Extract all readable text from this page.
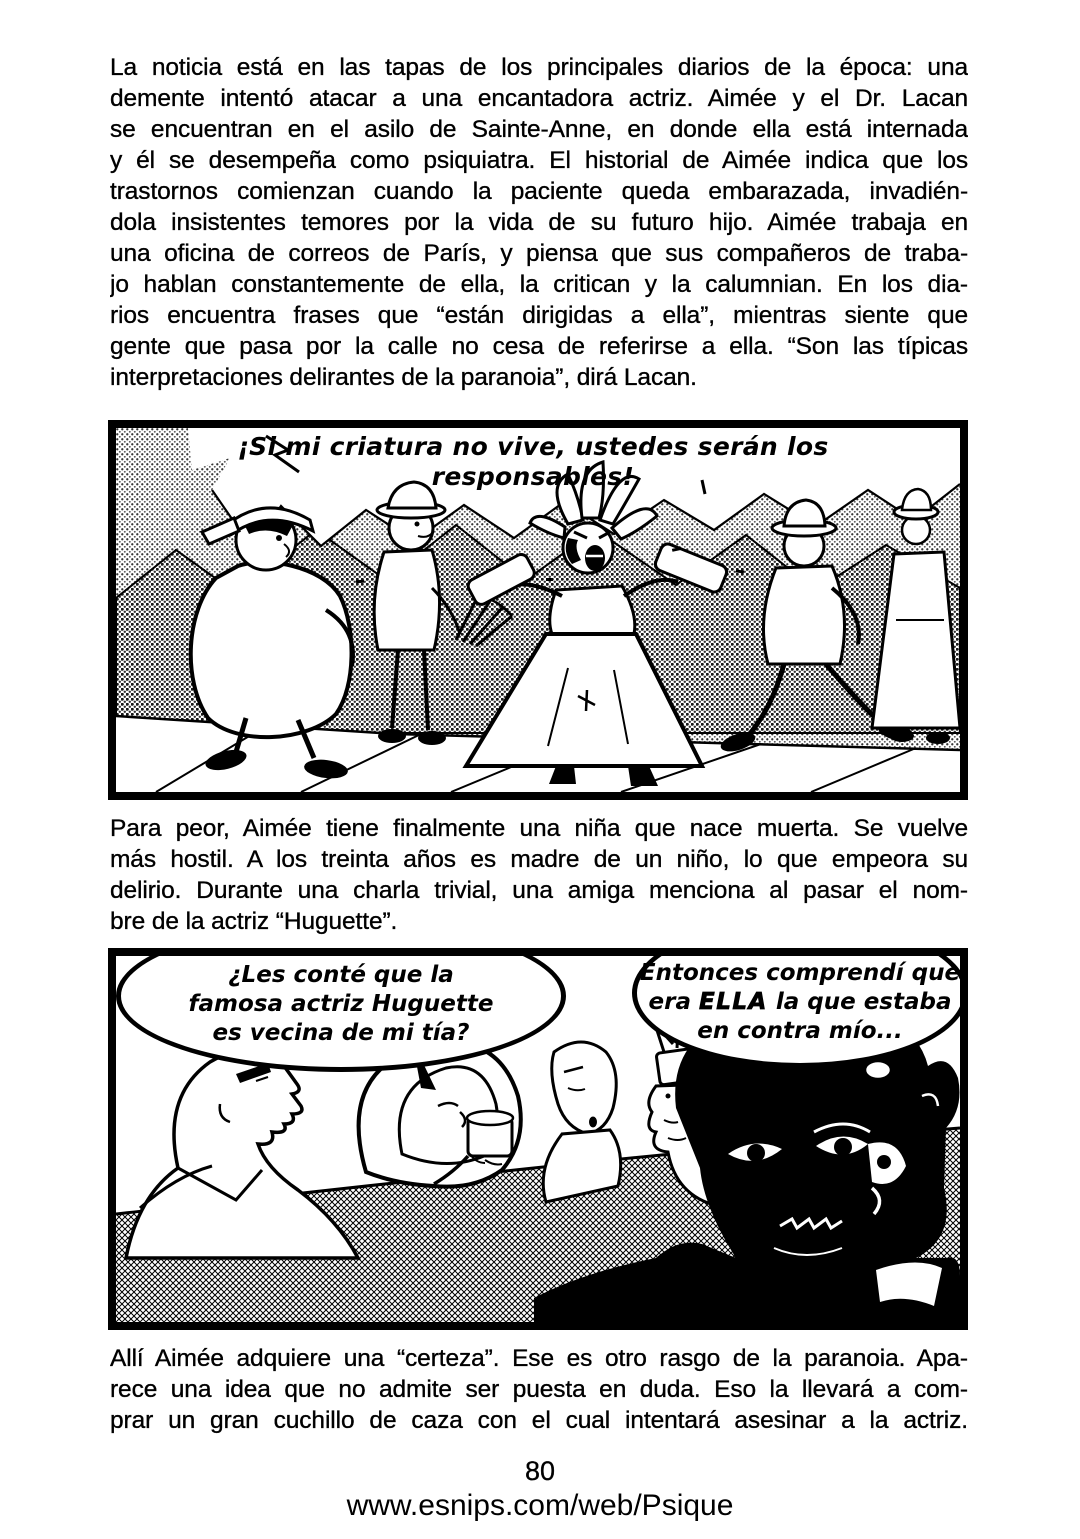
La noticia está en las tapas de los principales diarios de la época: una
demente intentó atacar a una encantadora actriz. Aimée y el Dr. Lacan
se encuentran en el asilo de Sainte-Anne, en donde ella está internada
y él se desempeña como psiquiatra. El historial de Aimée indica que los
trastornos comienzan cuando la paciente queda embarazada, invadién-
dola insistentes temores por la vida de su futuro hijo. Aimée trabaja en
una oficina de correos de París, y piensa que sus compañeros de traba-
jo hablan constantemente de ella, la critican y la calumnian. En los dia-
rios encuentra frases que “están dirigidas a ella”, mientras siente que
gente que pasa por la calle no cesa de referirse a ella. “Son las típicas
interpretaciones delirantes de la paranoia”, dirá Lacan.
¡Si mi criatura no vive, ustedes serán los
responsables!
Para peor, Aimée tiene finalmente una niña que nace muerta. Se vuelve
más hostil. A los treinta años es madre de un niño, lo que empeora su
delirio. Durante una charla trivial, una amiga menciona al pasar el nom-
bre de la actriz “Huguette”.
¿Les conté que la
famosa actriz Huguette
es vecina de mi tía?
Entonces comprendí que
era ELLA la que estaba
en contra mío...
Allí Aimée adquiere una “certeza”. Ese es otro rasgo de la paranoia. Apa-
rece una idea que no admite ser puesta en duda. Eso la llevará a com-
prar un gran cuchillo de caza con el cual intentará asesinar a la actriz.
80
www.esnips.com/web/Psique
